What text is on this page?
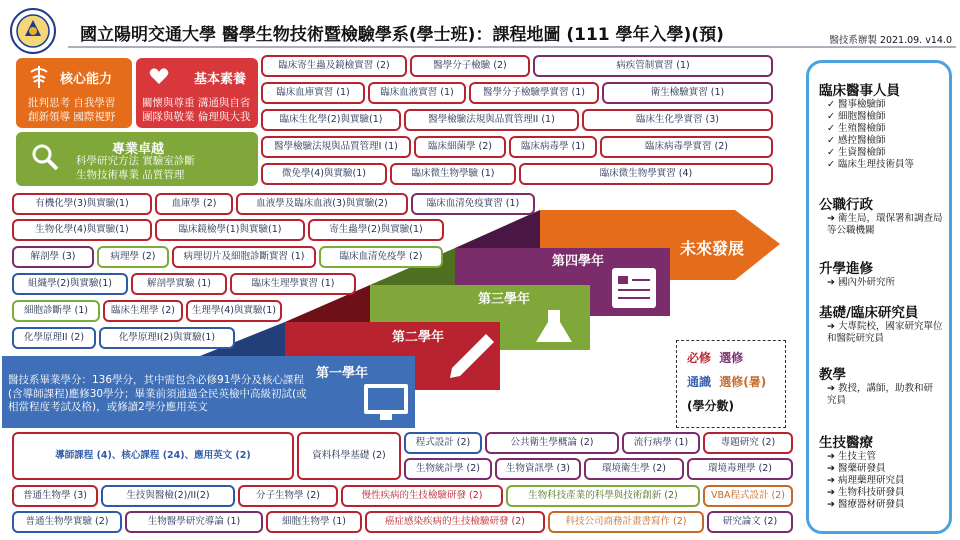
國立陽明交通大學 醫學生物技術暨檢驗學系(學士班)：課程地圖 (111 學年入學)(預)	醫技系辦製 2021.09. v14.0
核心能力
批判思考 自我學習
創新領導 國際視野
基本素養
關懷與尊重 溝通與自省
團隊與敬業 倫理與大我
專業卓越
科學研究方法 實驗室診斷
生物技術專業 品質管理
未來發展
第四學年
第三學年
第二學年
第一學年
醫技系畢業學分：136學分，其中需包含必修91學分及核心課程(含導師課程)應修30學分；畢業前須通過全民英檢中高級初試(或相當程度考試及格)，或修讀2學分應用英文
必修 選修
通識 選修(暑)
(學分數)
臨床寄生蟲及鏡檢實習 (2)	醫學分子檢驗 (2)	病疾管制實習 (1)
臨床血庫實習 (1)	臨床血液實習 (1)	醫學分子檢驗學實習 (1)	衛生檢驗實習 (1)
臨床生化學(2)與實驗(1)	醫學檢驗法規與品質管理II (1)	臨床生化學實習 (3)
醫學檢驗法規與品質管理I (1)	臨床細菌學 (2)	臨床病毒學 (1)	臨床病毒學實習 (2)
微免學(4)與實驗(1)	臨床微生物學驗 (1)	臨床微生物學實習 (4)
有機化學(3)與實驗(1)	血庫學 (2)	血液學及臨床血液(3)與實驗(2)	臨床血清免疫實習 (1)
生物化學(4)與實驗(1)	臨床鏡檢學(1)與實驗(1)	寄生蟲學(2)與實驗(1)
解剖學 (3)	病理學 (2)	病理切片及細胞診斷實習 (1)	臨床血清免疫學 (2)
組織學(2)與實驗(1)	解剖學實驗 (1)	臨床生理學實習 (1)
細胞診斷學 (1)	臨床生理學 (2)	生理學(4)與實驗(1)
化學原理II (2)	化學原理I(2)與實驗(1)
導師課程 (4)、核心課程 (24)、應用英文 (2)	資料科學基礎 (2)
程式設計 (2)	公共衛生學概論 (2)	流行病學 (1)	專題研究 (2)
生物統計學 (2)	生物資訊學 (3)	環境衛生學 (2)	環境毒理學 (2)
普通生物學 (3)	生技與醫檢(2)/II(2)	分子生物學 (2)	慢性疾病的生技檢驗研發 (2)	生物科技產業的科學與技術創新 (2)	VBA程式設計 (2)
普通生物學實驗 (2)	生物醫學研究導論 (1)	細胞生物學 (1)	癌症感染疾病的生技檢驗研發 (2)	科技公司商務計畫書寫作 (2)	研究論文 (2)
臨床醫事人員
✓ 醫事檢驗師
✓ 細胞醫檢師
✓ 生殖醫檢師
✓ 感控醫檢師
✓ 生資醫檢師
✓ 臨床生理技術員等
公職行政
➔ 衛生局，環保署和調查局等公職機關
升學進修
➔ 國內外研究所
基礎/臨床研究員
➔ 大專院校，國家研究單位和醫院研究員
教學
➔ 教授，講師，助教和研究員
生技醫療
➔ 生技主管
➔ 醫藥研發員
➔ 病理藥理研究員
➔ 生物科技研發員
➔ 醫療器材研發員
